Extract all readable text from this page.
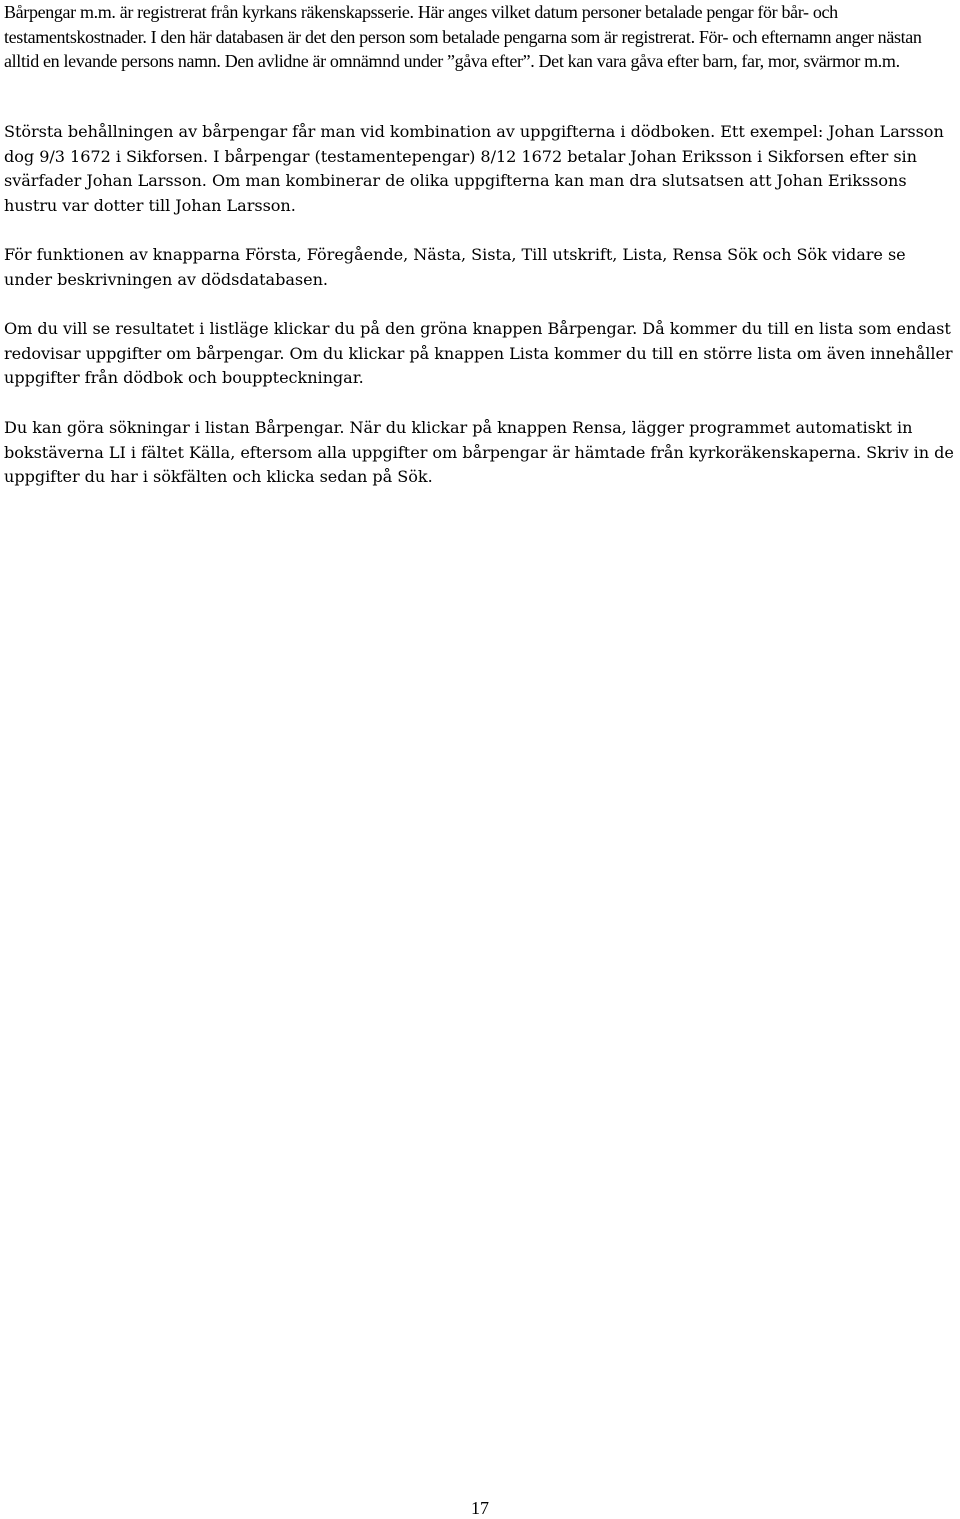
Bårpengar m.m. är registrerat från kyrkans räkenskapsserie. Här anges vilket datum personer betalade pengar för bår- och testamentskostnader. I den här databasen är det den person som betalade pengarna som är registrerat. För- och efternamn anger nästan alltid en levande persons namn. Den avlidne är omnämnd under ”gåva efter”. Det kan vara gåva efter barn, far, mor, svärmor m.m.

Största behållningen av bårpengar får man vid kombination av uppgifterna i dödboken. Ett exempel: Johan Larsson dog 9/3 1672 i Sikforsen. I bårpengar (testamentepengar) 8/12 1672 betalar Johan Eriksson i Sikforsen efter sin svärfader Johan Larsson. Om man kombinerar de olika uppgifterna kan man dra slutsatsen att Johan Erikssons hustru var dotter till Johan Larsson.

För funktionen av knapparna Första, Föregående, Nästa, Sista, Till utskrift, Lista, Rensa Sök och Sök vidare se under beskrivningen av dödsdatabasen.

Om du vill se resultatet i listläge klickar du på den gröna knappen Bårpengar. Då kommer du till en lista som endast redovisar uppgifter om bårpengar. Om du klickar på knappen Lista kommer du till en större lista om även innehåller uppgifter från dödbok och bouppteckningar.

Du kan göra sökningar i listan Bårpengar. När du klickar på knappen Rensa, lägger programmet automatiskt in bokstäverna LI i fältet Källa, eftersom alla uppgifter om bårpengar är hämtade från kyrkoräkenskaperna. Skriv in de uppgifter du har i sökfälten och klicka sedan på Sök.

17
